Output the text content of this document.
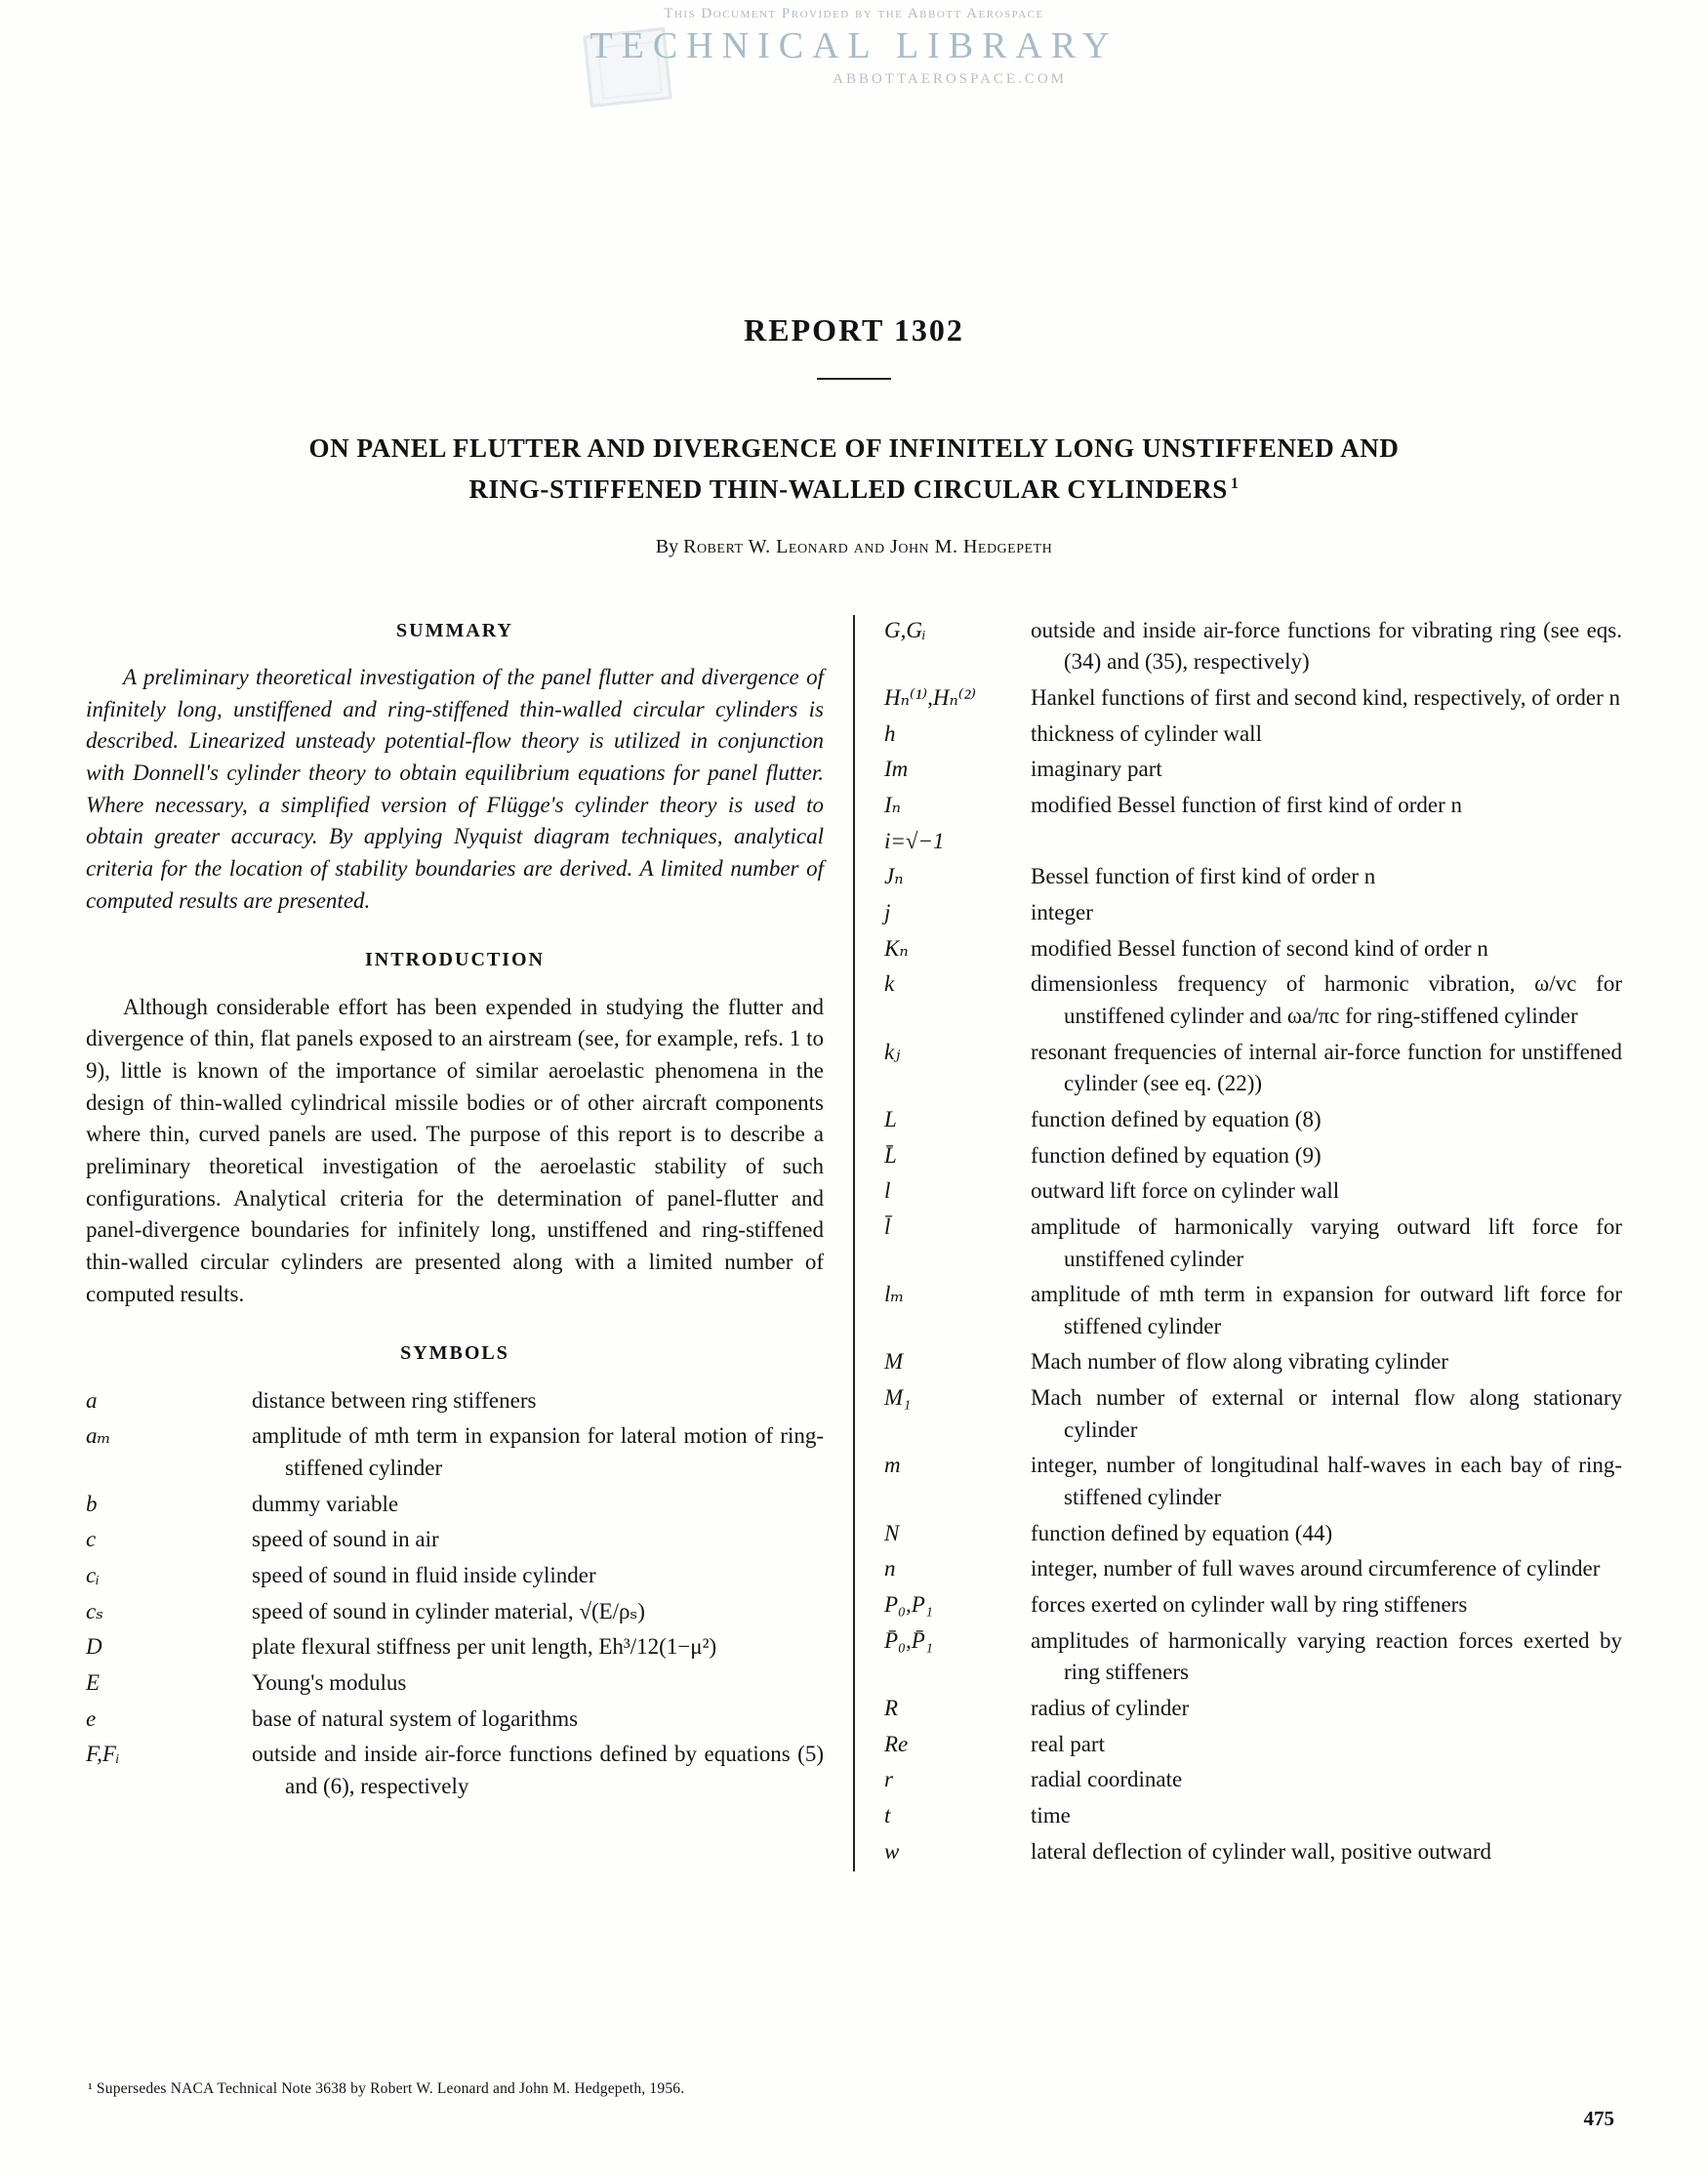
This Document Provided by the Abbott Aerospace
TECHNICAL LIBRARY
ABBOTTAEROSPACE.COM
REPORT 1302
ON PANEL FLUTTER AND DIVERGENCE OF INFINITELY LONG UNSTIFFENED AND
RING-STIFFENED THIN-WALLED CIRCULAR CYLINDERS $^1$
By Robert W. Leonard and John M. Hedgepeth
SUMMARY

A preliminary theoretical investigation of the panel flutter and divergence of infinitely long, unstiffened and ring-stiffened thin-walled circular cylinders is described. Linearized unsteady potential-flow theory is utilized in conjunction with Donnell's cylinder theory to obtain equilibrium equations for panel flutter. Where necessary, a simplified version of Flügge's cylinder theory is used to obtain greater accuracy. By applying Nyquist diagram techniques, analytical criteria for the location of stability boundaries are derived. A limited number of computed results are presented.

INTRODUCTION

Although considerable effort has been expended in studying the flutter and divergence of thin, flat panels exposed to an airstream (see, for example, refs. 1 to 9), little is known of the importance of similar aeroelastic phenomena in the design of thin-walled cylindrical missile bodies or of other aircraft components where thin, curved panels are used. The purpose of this report is to describe a preliminary theoretical investigation of the aeroelastic stability of such configurations. Analytical criteria for the determination of panel-flutter and panel-divergence boundaries for infinitely long, unstiffened and ring-stiffened thin-walled circular cylinders are presented along with a limited number of computed results.

SYMBOLS
a	distance between ring stiffeners
aₘ	amplitude of mth term in expansion for lateral motion of ring-stiffened cylinder
b	dummy variable
c	speed of sound in air
cᵢ	speed of sound in fluid inside cylinder
cₛ	speed of sound in cylinder material, √(E/ρₛ)
D	plate flexural stiffness per unit length, Eh³/12(1−μ²)
E	Young's modulus
e	base of natural system of logarithms
F,Fᵢ	outside and inside air-force functions defined by equations (5) and (6), respectively
G,Gᵢ	outside and inside air-force functions for vibrating ring (see eqs. (34) and (35), respectively)
Hₙ⁽¹⁾,Hₙ⁽²⁾	Hankel functions of first and second kind, respectively, of order n
h	thickness of cylinder wall
Im	imaginary part
Iₙ	modified Bessel function of first kind of order n
i=√−1
Jₙ	Bessel function of first kind of order n
j	integer
Kₙ	modified Bessel function of second kind of order n
k	dimensionless frequency of harmonic vibration, ω/vc for unstiffened cylinder and ωa/πc for ring-stiffened cylinder
kⱼ	resonant frequencies of internal air-force function for unstiffened cylinder (see eq. (22))
L	function defined by equation (8)
L̄	function defined by equation (9)
l	outward lift force on cylinder wall
l̄	amplitude of harmonically varying outward lift force for unstiffened cylinder
lₘ	amplitude of mth term in expansion for outward lift force for stiffened cylinder
M	Mach number of flow along vibrating cylinder
M₁	Mach number of external or internal flow along stationary cylinder
m	integer, number of longitudinal half-waves in each bay of ring-stiffened cylinder
N	function defined by equation (44)
n	integer, number of full waves around circumference of cylinder
P₀,P₁	forces exerted on cylinder wall by ring stiffeners
P̄₀,P̄₁	amplitudes of harmonically varying reaction forces exerted by ring stiffeners
R	radius of cylinder
Re	real part
r	radial coordinate
t	time
w	lateral deflection of cylinder wall, positive outward
¹ Supersedes NACA Technical Note 3638 by Robert W. Leonard and John M. Hedgepeth, 1956.
475
